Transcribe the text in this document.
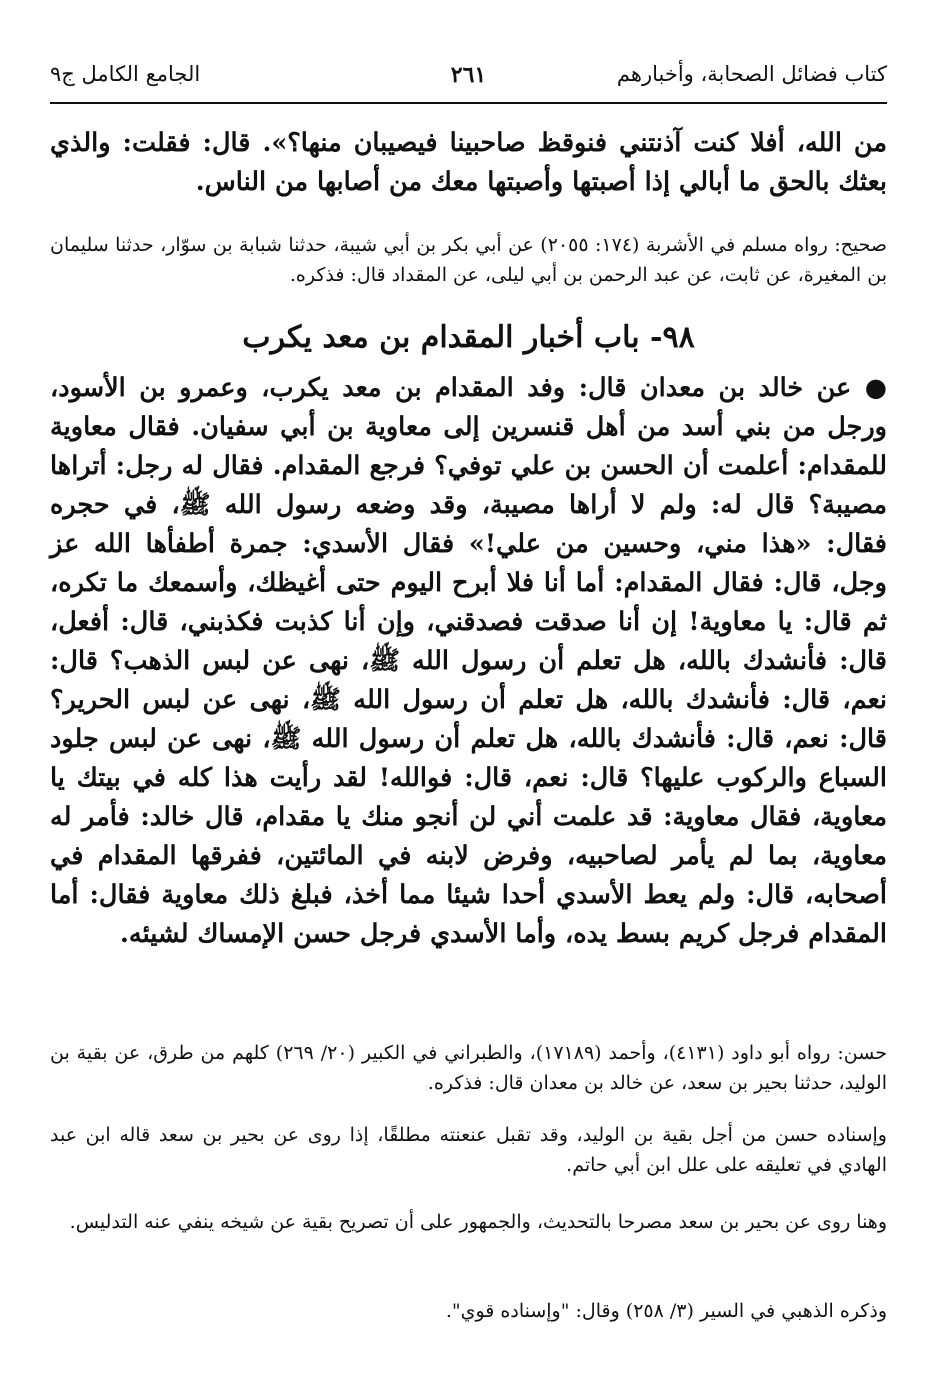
كتاب فضائل الصحابة، وأخبارهم
٢٦١
الجامع الكامل ج٩

من الله، أفلا كنت آذنتني فنوقظ صاحبينا فيصيبان منها؟». قال: فقلت: والذي بعثك بالحق ما أبالي إذا أصبتها وأصبتها معك من أصابها من الناس.

صحيح: رواه مسلم في الأشربة (١٧٤: ٢٠٥٥) عن أبي بكر بن أبي شيبة، حدثنا شبابة بن سوّار، حدثنا سليمان بن المغيرة، عن ثابت، عن عبد الرحمن بن أبي ليلى، عن المقداد قال: فذكره.

٩٨- باب أخبار المقدام بن معد يكرب

● عن خالد بن معدان قال: وفد المقدام بن معد يكرب، وعمرو بن الأسود، ورجل من بني أسد من أهل قنسرين إلى معاوية بن أبي سفيان. فقال معاوية للمقدام: أعلمت أن الحسن بن علي توفي؟ فرجع المقدام. فقال له رجل: أتراها مصيبة؟ قال له: ولم لا أراها مصيبة، وقد وضعه رسول الله ﷺ، في حجره فقال: «هذا مني، وحسين من علي!» فقال الأسدي: جمرة أطفأها الله عز وجل، قال: فقال المقدام: أما أنا فلا أبرح اليوم حتى أغيظك، وأسمعك ما تكره، ثم قال: يا معاوية! إن أنا صدقت فصدقني، وإن أنا كذبت فكذبني، قال: أفعل، قال: فأنشدك بالله، هل تعلم أن رسول الله ﷺ، نهى عن لبس الذهب؟ قال: نعم، قال: فأنشدك بالله، هل تعلم أن رسول الله ﷺ، نهى عن لبس الحرير؟ قال: نعم، قال: فأنشدك بالله، هل تعلم أن رسول الله ﷺ، نهى عن لبس جلود السباع والركوب عليها؟ قال: نعم، قال: فوالله! لقد رأيت هذا كله في بيتك يا معاوية، فقال معاوية: قد علمت أني لن أنجو منك يا مقدام، قال خالد: فأمر له معاوية، بما لم يأمر لصاحبيه، وفرض لابنه في المائتين، ففرقها المقدام في أصحابه، قال: ولم يعط الأسدي أحدا شيئا مما أخذ، فبلغ ذلك معاوية فقال: أما المقدام فرجل كريم بسط يده، وأما الأسدي فرجل حسن الإمساك لشيئه.

حسن: رواه أبو داود (٤١٣١)، وأحمد (١٧١٨٩)، والطبراني في الكبير (٢٠/ ٢٦٩) كلهم من طرق، عن بقية بن الوليد، حدثنا بحير بن سعد، عن خالد بن معدان قال: فذكره.

وإسناده حسن من أجل بقية بن الوليد، وقد تقبل عنعنته مطلقًا، إذا روى عن بحير بن سعد قاله ابن عبد الهادي في تعليقه على علل ابن أبي حاتم.

وهنا روى عن بحير بن سعد مصرحا بالتحديث، والجمهور على أن تصريح بقية عن شيخه ينفي عنه التدليس.

وذكره الذهبي في السير (٣/ ٢٥٨) وقال: "وإسناده قوي".
